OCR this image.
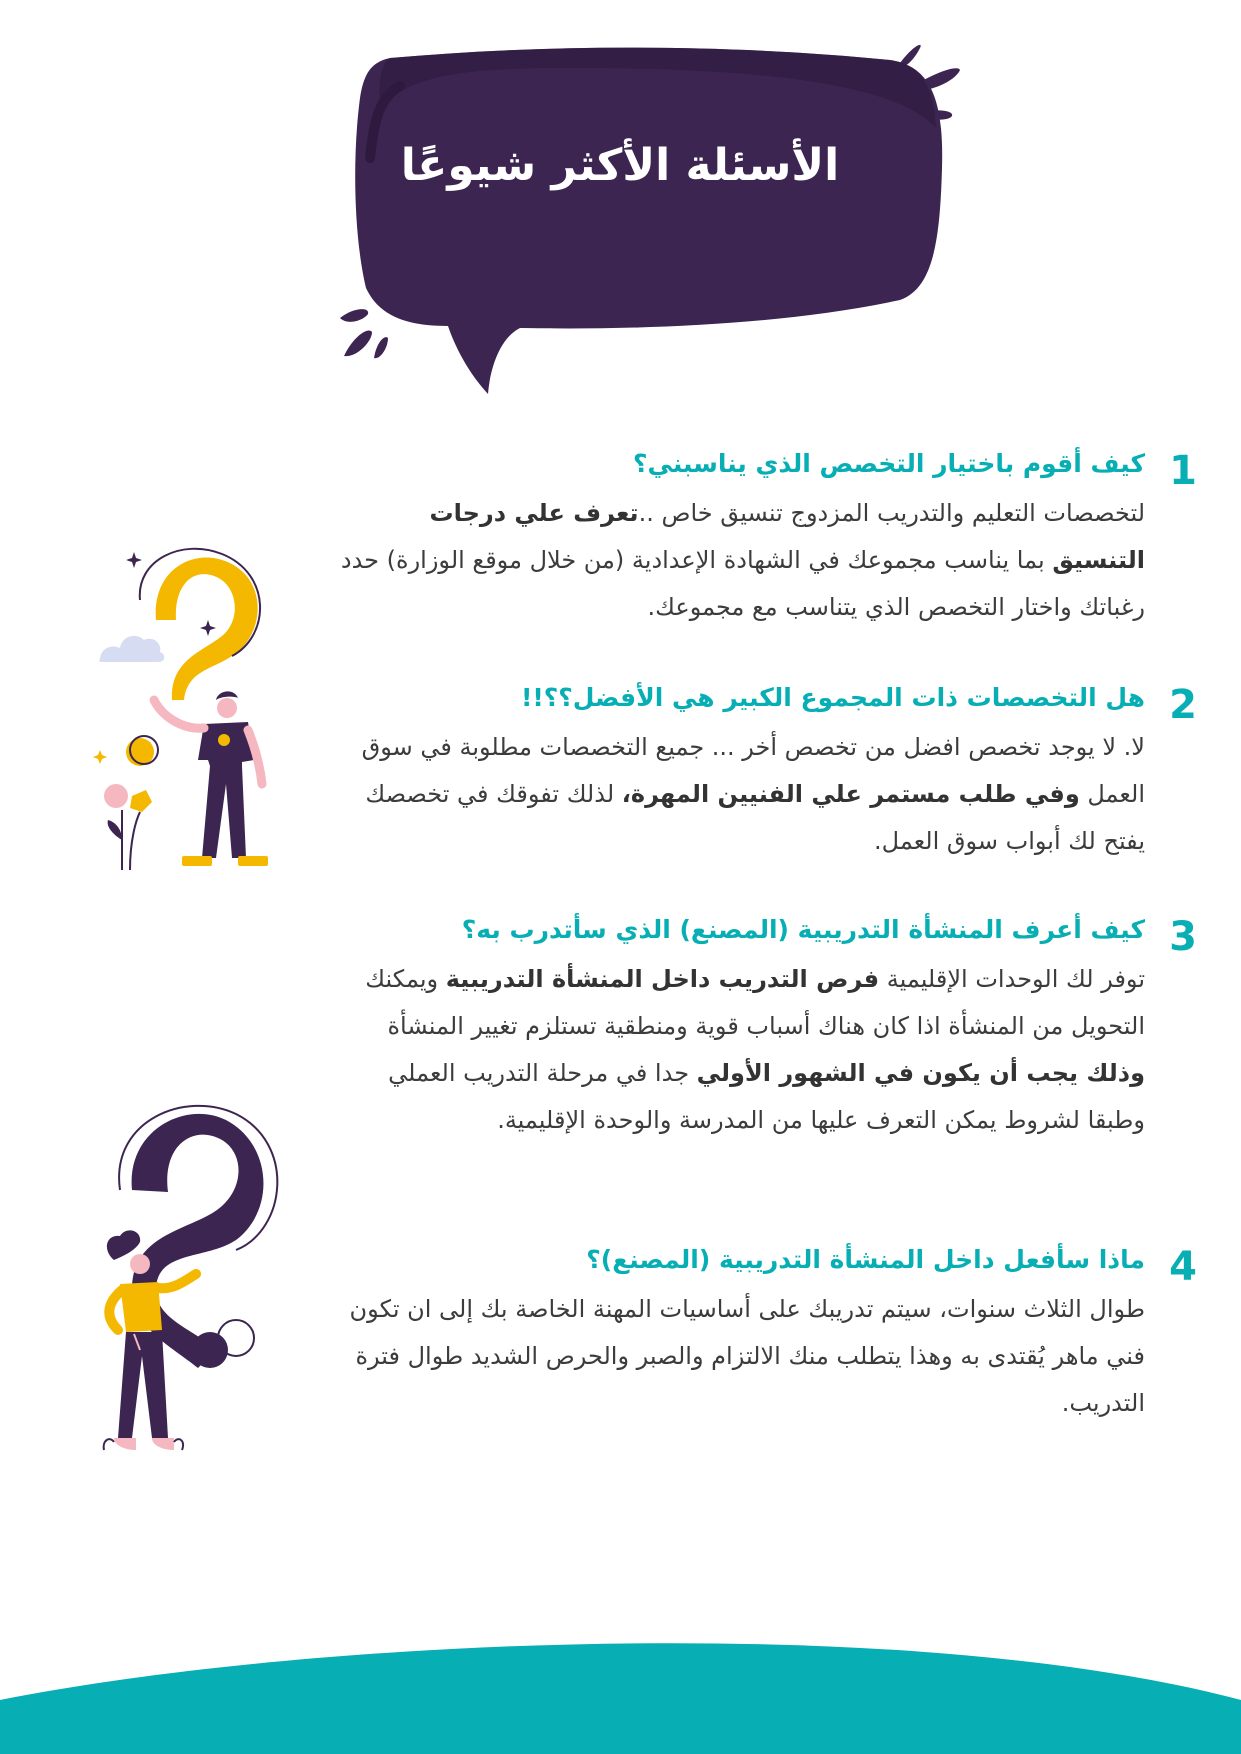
الأسئلة الأكثر شيوعًا
1

كيف أقوم باختيار التخصص الذي يناسبني؟

لتخصصات التعليم والتدريب المزدوج تنسيق خاص ..تعرف علي درجات التنسيق بما يناسب مجموعك في الشهادة الإعدادية (من خلال موقع الوزارة) حدد رغباتك واختار التخصص الذي يتناسب مع مجموعك.

2

هل التخصصات ذات المجموع الكبير هي الأفضل؟؟!!

لا. لا يوجد تخصص افضل من تخصص أخر ... جميع التخصصات مطلوبة في سوق العمل وفي طلب مستمر علي الفنيين المهرة، لذلك تفوقك في تخصصك يفتح لك أبواب سوق العمل.

3

كيف أعرف المنشأة التدريبية (المصنع) الذي سأتدرب به؟

توفر لك الوحدات الإقليمية فرص التدريب داخل المنشأة التدريبية ويمكنك التحويل من المنشأة اذا كان هناك أسباب قوية ومنطقية تستلزم تغيير المنشأة وذلك يجب أن يكون في الشهور الأولي جدا في مرحلة التدريب العملي وطبقا لشروط يمكن التعرف عليها من المدرسة والوحدة الإقليمية.

4

ماذا سأفعل داخل المنشأة التدريبية (المصنع)؟

طوال الثلاث سنوات، سيتم تدريبك على أساسيات المهنة الخاصة بك إلى ان تكون فني ماهر يُقتدى به وهذا يتطلب منك الالتزام والصبر والحرص الشديد طوال فترة التدريب.
